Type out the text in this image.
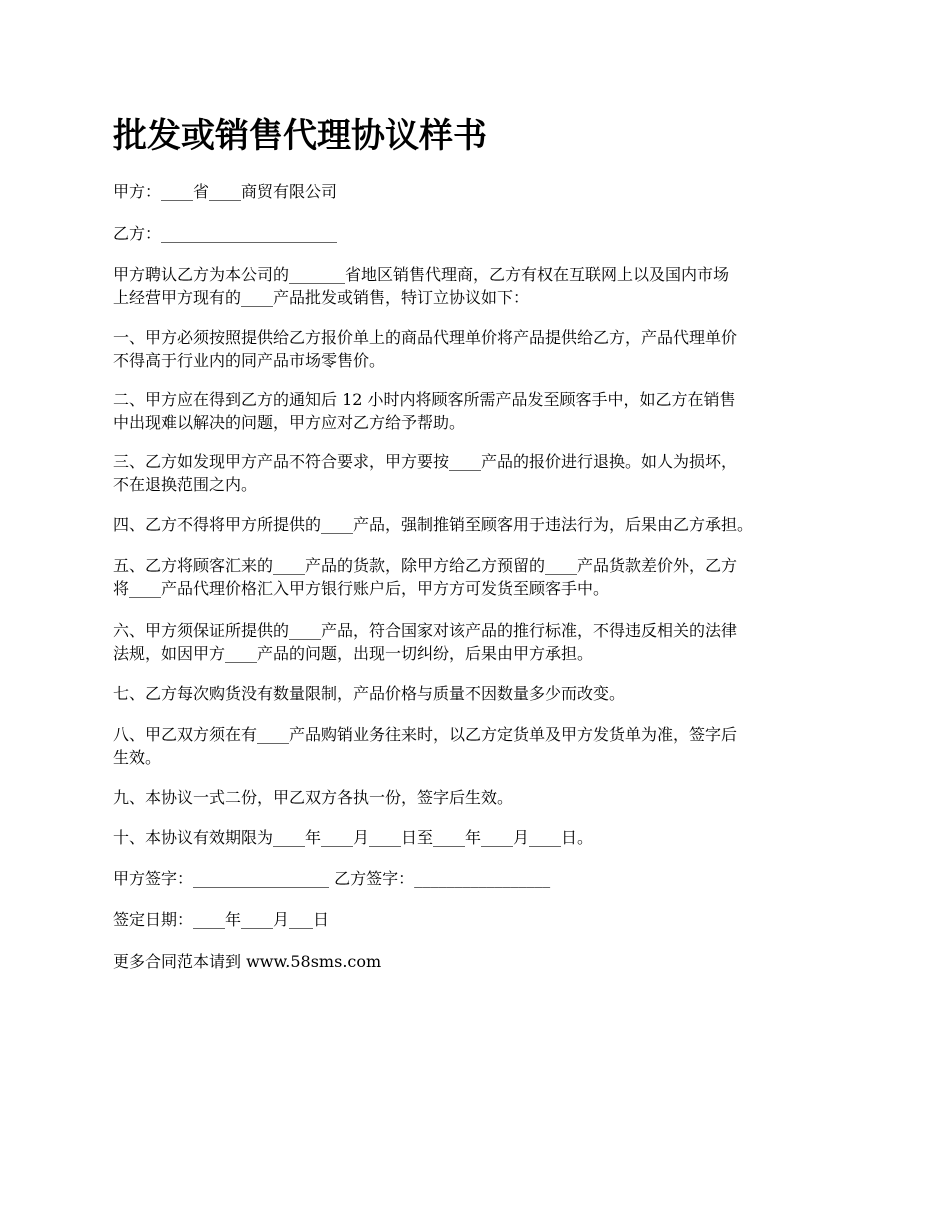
批发或销售代理协议样书

甲方：____省____商贸有限公司

乙方：______________________

甲方聘认乙方为本公司的_______省地区销售代理商，乙方有权在互联网上以及国内市场
上经营甲方现有的____产品批发或销售，特订立协议如下：

一、甲方必须按照提供给乙方报价单上的商品代理单价将产品提供给乙方，产品代理单价
不得高于行业内的同产品市场零售价。

二、甲方应在得到乙方的通知后 12 小时内将顾客所需产品发至顾客手中，如乙方在销售
中出现难以解决的问题，甲方应对乙方给予帮助。

三、乙方如发现甲方产品不符合要求，甲方要按____产品的报价进行退换。如人为损坏，
不在退换范围之内。

四、乙方不得将甲方所提供的____产品，强制推销至顾客用于违法行为，后果由乙方承担。

五、乙方将顾客汇来的____产品的货款，除甲方给乙方预留的____产品货款差价外，乙方
将____产品代理价格汇入甲方银行账户后，甲方方可发货至顾客手中。

六、甲方须保证所提供的____产品，符合国家对该产品的推行标准，不得违反相关的法律
法规，如因甲方____产品的问题，出现一切纠纷，后果由甲方承担。

七、乙方每次购货没有数量限制，产品价格与质量不因数量多少而改变。

八、甲乙双方须在有____产品购销业务往来时，以乙方定货单及甲方发货单为准，签字后
生效。

九、本协议一式二份，甲乙双方各执一份，签字后生效。

十、本协议有效期限为____年____月____日至____年____月____日。

甲方签字：_________________ 乙方签字：_________________

签定日期：____年____月___日

更多合同范本请到 www.58sms.com
